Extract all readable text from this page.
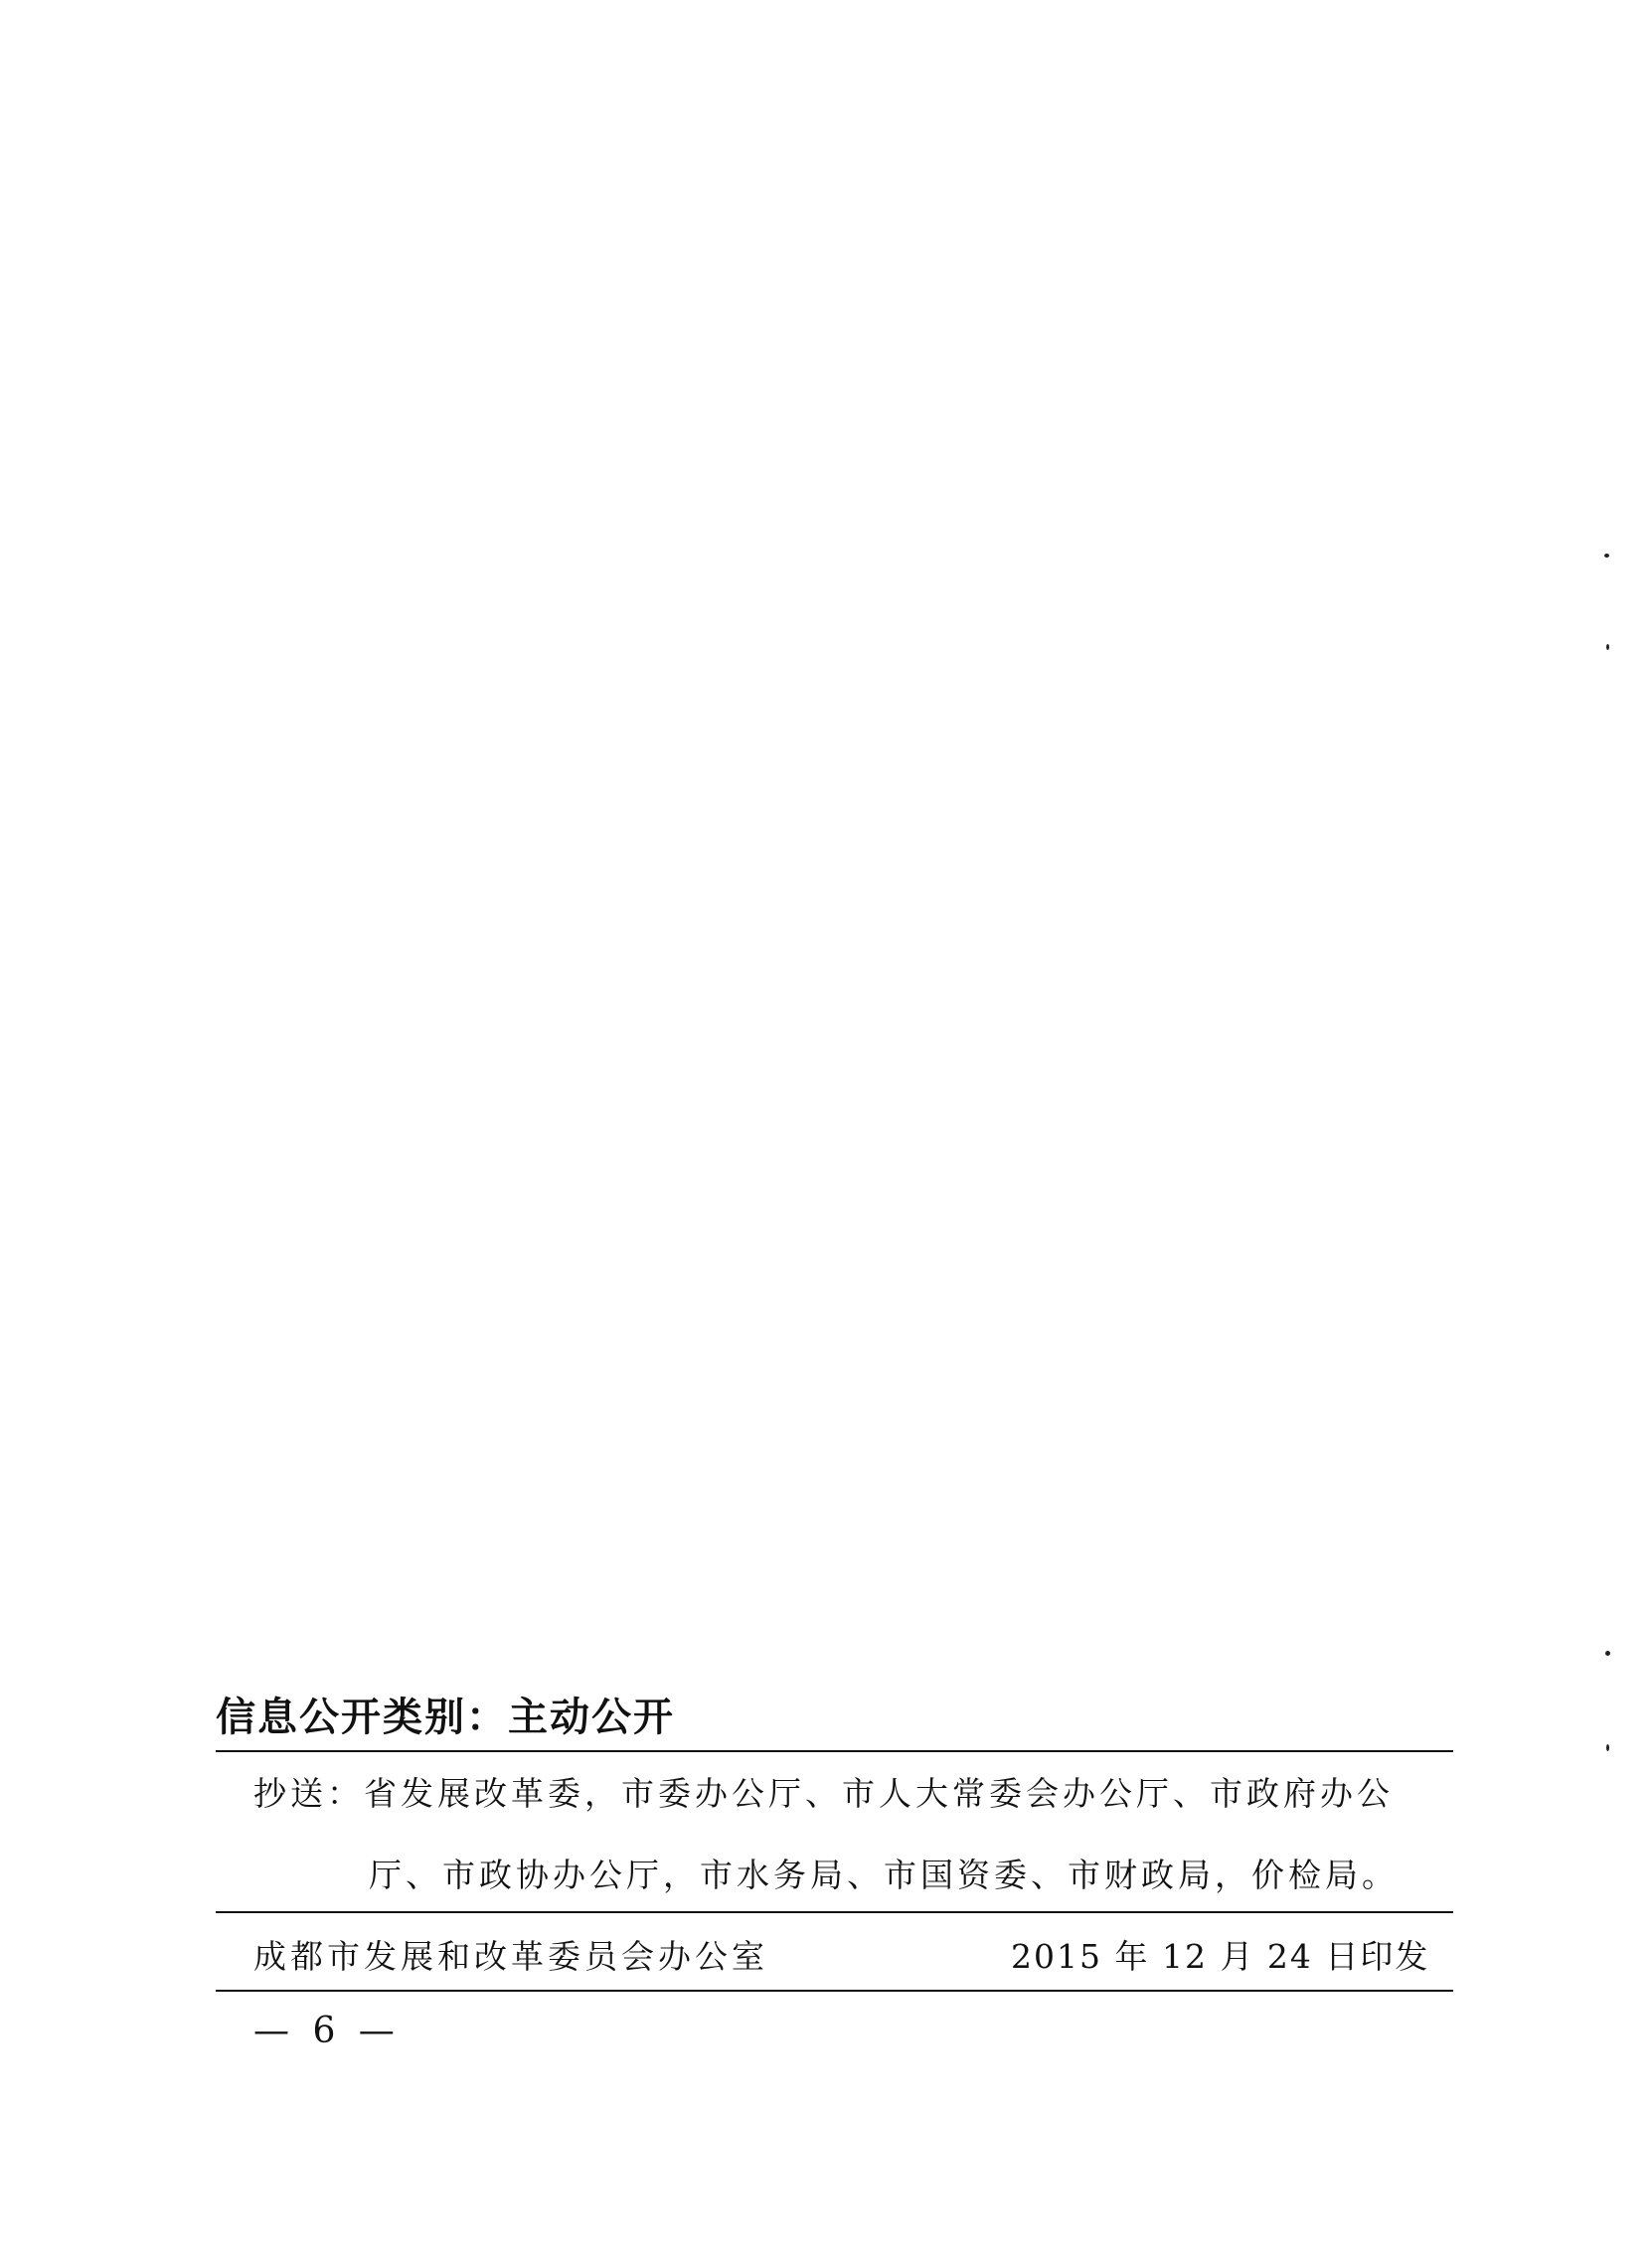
信息公开类别：主动公开
抄送：省发展改革委，市委办公厅、市人大常委会办公厅、市政府办公
厅、市政协办公厅，市水务局、市国资委、市财政局，价检局。
成都市发展和改革委员会办公室	2015 年 12 月 24 日印发
— 6 —
